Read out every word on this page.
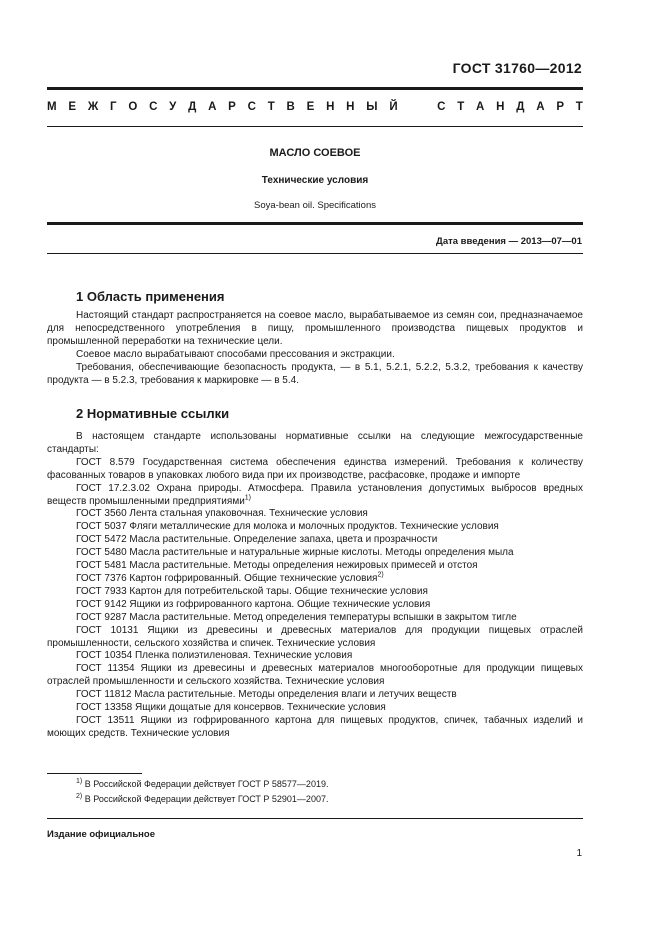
ГОСТ 31760—2012
М Е Ж Г О С У Д А Р С Т В Е Н Н Ы Й	С Т А Н Д А Р Т
МАСЛО СОЕВОЕ
Технические условия
Soya-bean oil. Specifications
Дата введения — 2013—07—01
1 Область применения

Настоящий стандарт распространяется на соевое масло, вырабатываемое из семян сои, предназначаемое для непосредственного употребления в пищу, промышленного производства пищевых продуктов и промышленной переработки на технические цели.

Соевое масло вырабатывают способами прессования и экстракции.

Требования, обеспечивающие безопасность продукта, — в 5.1, 5.2.1, 5.2.2, 5.3.2, требования к качеству продукта — в 5.2.3, требования к маркировке — в 5.4.

2 Нормативные ссылки

В настоящем стандарте использованы нормативные ссылки на следующие межгосударственные стандарты:

ГОСТ 8.579 Государственная система обеспечения единства измерений. Требования к количеству фасованных товаров в упаковках любого вида при их производстве, расфасовке, продаже и импорте

ГОСТ 17.2.3.02 Охрана природы. Атмосфера. Правила установления допустимых выбросов вредных веществ промышленными предприятиями$^{1)}$

ГОСТ 3560 Лента стальная упаковочная. Технические условия

ГОСТ 5037 Фляги металлические для молока и молочных продуктов. Технические условия

ГОСТ 5472 Масла растительные. Определение запаха, цвета и прозрачности

ГОСТ 5480 Масла растительные и натуральные жирные кислоты. Методы определения мыла

ГОСТ 5481 Масла растительные. Методы определения нежировых примесей и отстоя

ГОСТ 7376 Картон гофрированный. Общие технические условия$^{2)}$

ГОСТ 7933 Картон для потребительской тары. Общие технические условия

ГОСТ 9142 Ящики из гофрированного картона. Общие технические условия

ГОСТ 9287 Масла растительные. Метод определения температуры вспышки в закрытом тигле

ГОСТ 10131 Ящики из древесины и древесных материалов для продукции пищевых отраслей промышленности, сельского хозяйства и спичек. Технические условия

ГОСТ 10354 Пленка полиэтиленовая. Технические условия

ГОСТ 11354 Ящики из древесины и древесных материалов многооборотные для продукции пищевых отраслей промышленности и сельского хозяйства. Технические условия

ГОСТ 11812 Масла растительные. Методы определения влаги и летучих веществ

ГОСТ 13358 Ящики дощатые для консервов. Технические условия

ГОСТ 13511 Ящики из гофрированного картона для пищевых продуктов, спичек, табачных изделий и моющих средств. Технические условия

$^{1)}$ В Российской Федерации действует ГОСТ Р 58577—2019.
$^{2)}$ В Российской Федерации действует ГОСТ Р 52901—2007.
Издание официальное
1
